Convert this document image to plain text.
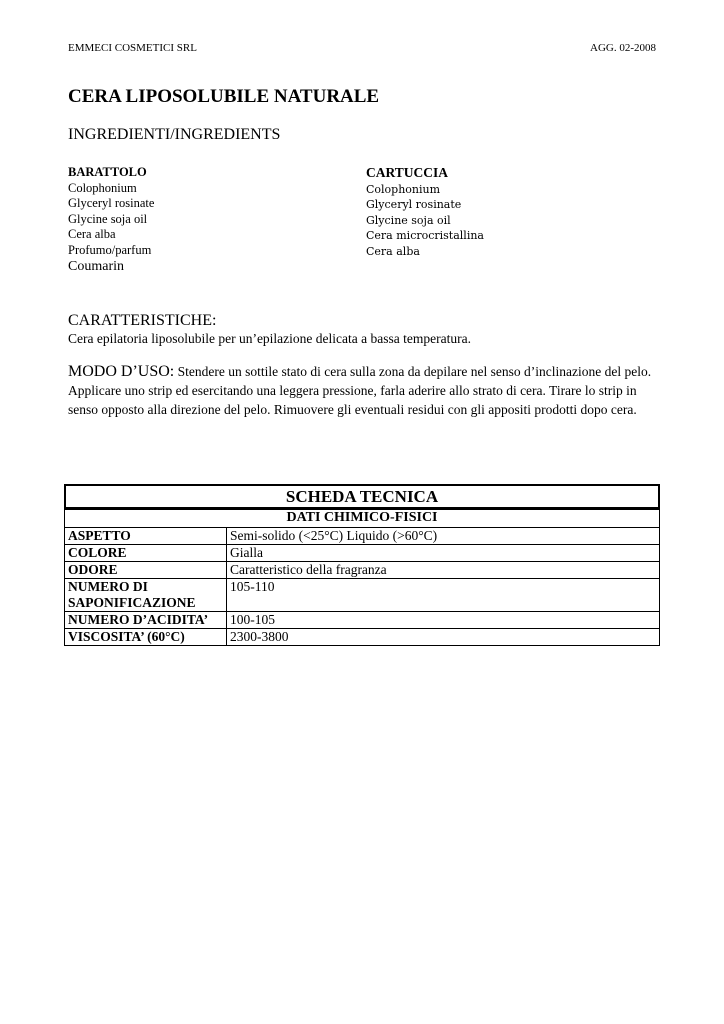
EMMECI COSMETICI SRL	AGG. 02-2008
CERA LIPOSOLUBILE NATURALE
INGREDIENTI/INGREDIENTS
BARATTOLO
Colophonium
Glyceryl rosinate
Glycine soja oil
Cera alba
Profumo/parfum
Coumarin
CARTUCCIA
Colophonium
Glyceryl rosinate
Glycine soja oil
Cera microcristallina
Cera alba
CARATTERISTICHE:
Cera epilatoria liposolubile per un’epilazione delicata a bassa temperatura.
MODO D’USO: Stendere un sottile stato di cera sulla zona da depilare nel senso d’inclinazione del pelo. Applicare uno strip ed esercitando una leggera pressione, farla aderire allo strato di cera. Tirare lo strip in senso opposto alla direzione del pelo. Rimuovere gli eventuali residui con gli appositi prodotti dopo cera.
SCHEDA TECNICA
DATI CHIMICO-FISICI	
ASPETTO	Semi-solido (<25°C) Liquido (>60°C)
COLORE	Gialla
ODORE	Caratteristico della fragranza
NUMERO DI SAPONIFICAZIONE	105-110
NUMERO D’ACIDITA’	100-105
VISCOSITA’ (60°C)	2300-3800
